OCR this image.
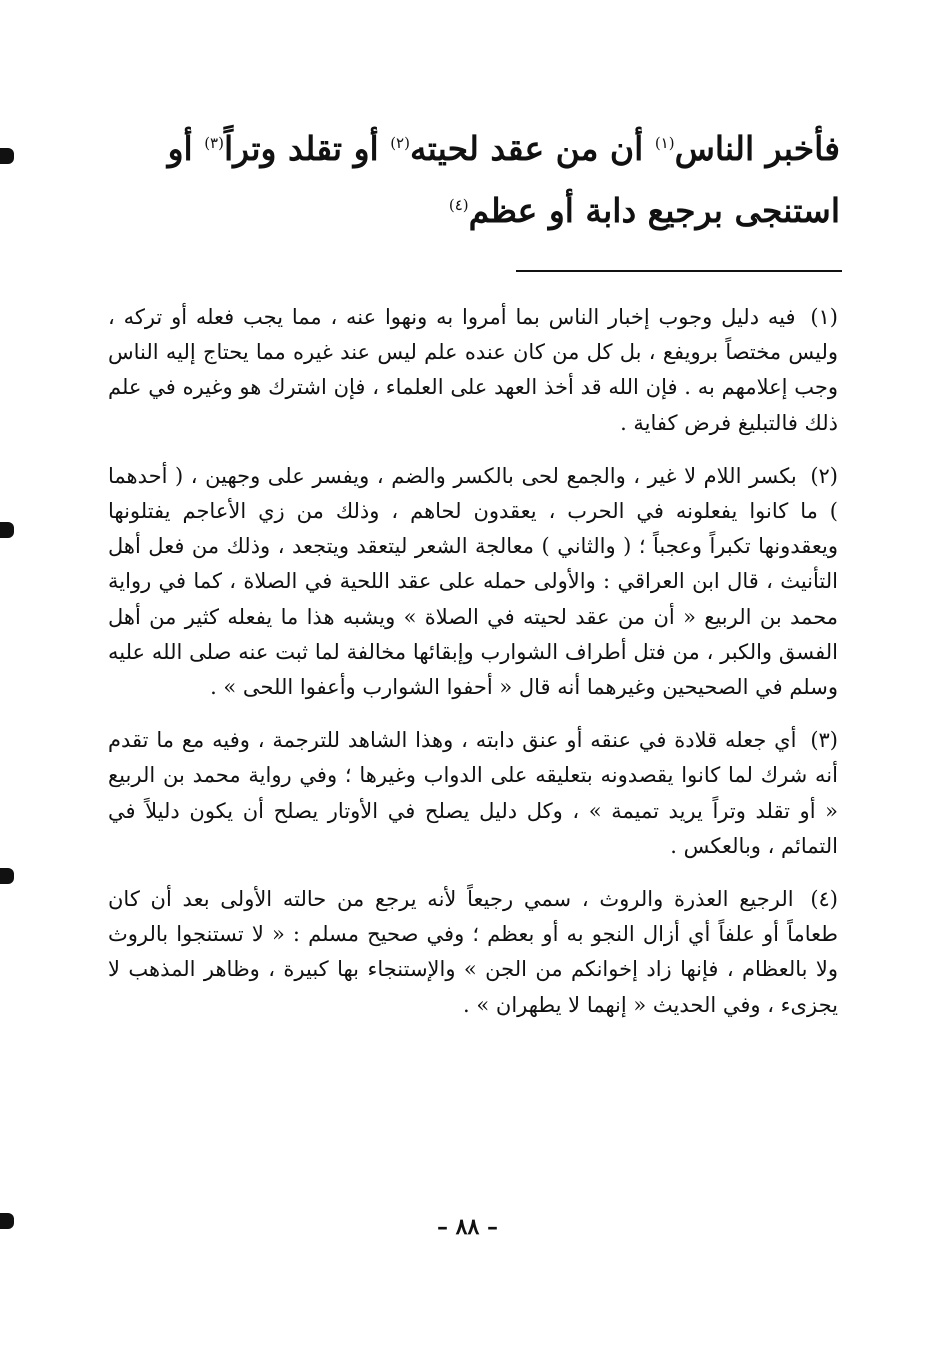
فأخبر الناس$^{(١)}$ أن من عقد لحيته$^{(٢)}$ أو تقلد وتراً$^{(٣)}$ أو
استنجى برجيع دابة أو عظم$^{(٤)}$

(١) فيه دليل وجوب إخبار الناس بما أمروا به ونهوا عنه ، مما يجب فعله أو تركه ، وليس مختصاً برويفع ، بل كل من كان عنده علم ليس عند غيره مما يحتاج إليه الناس وجب إعلامهم به . فإن الله قد أخذ العهد على العلماء ، فإن اشترك هو وغيره في علم ذلك فالتبليغ فرض كفاية .

(٢) بكسر اللام لا غير ، والجمع لحى بالكسر والضم ، ويفسر على وجهين ، ( أحدهما ) ما كانوا يفعلونه في الحرب ، يعقدون لحاهم ، وذلك من زي الأعاجم يفتلونها ويعقدونها تكبراً وعجباً ؛ ( والثاني ) معالجة الشعر ليتعقد ويتجعد ، وذلك من فعل أهل التأنيث ، قال ابن العراقي : والأولى حمله على عقد اللحية في الصلاة ، كما في رواية محمد بن الربيع « أن من عقد لحيته في الصلاة » ويشبه هذا ما يفعله كثير من أهل الفسق والكبر ، من فتل أطراف الشوارب وإبقائها مخالفة لما ثبت عنه صلى الله عليه وسلم في الصحيحين وغيرهما أنه قال « أحفوا الشوارب وأعفوا اللحى » .

(٣) أي جعله قلادة في عنقه أو عنق دابته ، وهذا الشاهد للترجمة ، وفيه مع ما تقدم أنه شرك لما كانوا يقصدونه بتعليقه على الدواب وغيرها ؛ وفي رواية محمد بن الربيع « أو تقلد وتراً يريد تميمة » ، وكل دليل يصلح في الأوتار يصلح أن يكون دليلاً في التمائم ، وبالعكس .

(٤) الرجيع العذرة والروث ، سمي رجيعاً لأنه يرجع من حالته الأولى بعد أن كان طعاماً أو علفاً أي أزال النجو به أو بعظم ؛ وفي صحيح مسلم : « لا تستنجوا بالروث ولا بالعظام ، فإنها زاد إخوانكم من الجن » والإستنجاء بها كبيرة ، وظاهر المذهب لا يجزىء ، وفي الحديث « إنهما لا يطهران » .

– ٨٨ –
